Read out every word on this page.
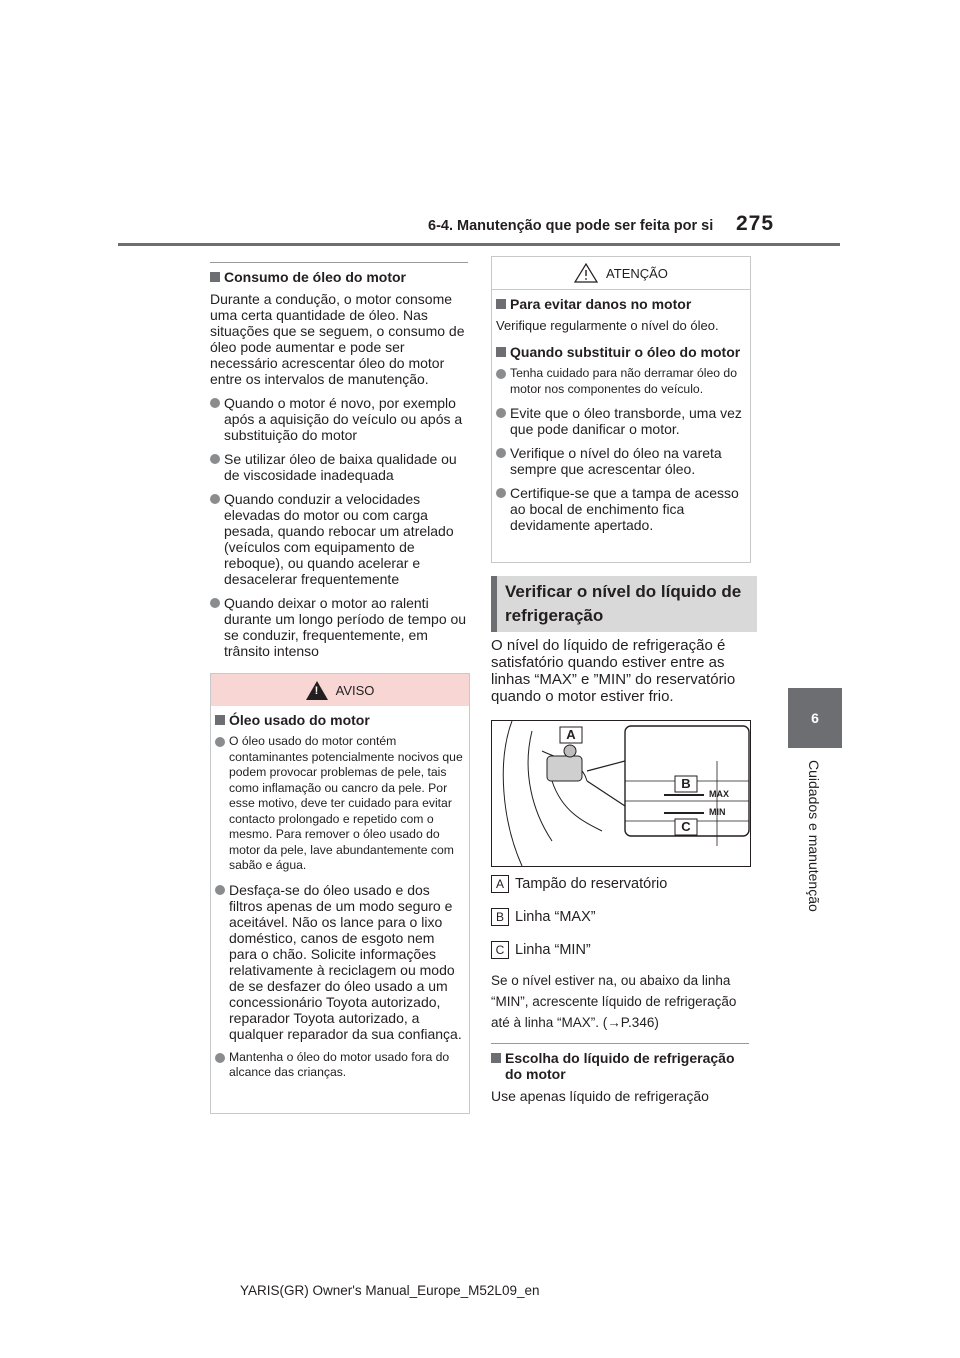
6-4. Manutenção que pode ser feita por si 275
6
Cuidados e manutenção
Consumo de óleo do motor
Durante a condução, o motor consome uma certa quantidade de óleo. Nas situações que se seguem, o consumo de óleo pode aumentar e pode ser necessário acrescentar óleo do motor entre os intervalos de manutenção.
Quando o motor é novo, por exemplo após a aquisição do veículo ou após a substituição do motor
Se utilizar óleo de baixa qualidade ou de viscosidade inadequada
Quando conduzir a velocidades elevadas do motor ou com carga pesada, quando rebocar um atrelado (veículos com equipamento de reboque), ou quando acelerar e desacelerar frequentemente
Quando deixar o motor ao ralenti durante um longo período de tempo ou se conduzir, frequentemente, em trânsito intenso
!
AVISO
Óleo usado do motor
O óleo usado do motor contém contaminantes potencialmente nocivos que podem provocar problemas de pele, tais como inflamação ou cancro da pele. Por esse motivo, deve ter cuidado para evitar contacto prolongado e repetido com o mesmo. Para remover o óleo usado do motor da pele, lave abundantemente com sabão e água.
Desfaça-se do óleo usado e dos filtros apenas de um modo seguro e aceitável. Não os lance para o lixo doméstico, canos de esgoto nem para o chão. Solicite informações relativamente à reciclagem ou modo de se desfazer do óleo usado a um concessionário Toyota autorizado, reparador Toyota autorizado, a qualquer reparador da sua confiança.
Mantenha o óleo do motor usado fora do alcance das crianças.
ATENÇÃO
Para evitar danos no motor
Verifique regularmente o nível do óleo.
Quando substituir o óleo do motor
Tenha cuidado para não derramar óleo do motor nos componentes do veículo.
Evite que o óleo transborde, uma vez que pode danificar o motor.
Verifique o nível do óleo na vareta sempre que acrescentar óleo.
Certifique-se que a tampa de acesso ao bocal de enchimento fica devidamente apertado.
Verificar o nível do líquido de refrigeração
O nível do líquido de refrigeração é satisfatório quando estiver entre as linhas “MAX” e ”MIN” do reservatório quando o motor estiver frio.
A
B
C
MAX
MIN
A Tampão do reservatório
B Linha “MAX”
C Linha “MIN”
Se o nível estiver na, ou abaixo da linha “MIN”, acrescente líquido de refrigeração até à linha “MAX”. (→P.346)
Escolha do líquido de refrigeração do motor
Use apenas líquido de refrigeração
YARIS(GR) Owner's Manual_Europe_M52L09_en
